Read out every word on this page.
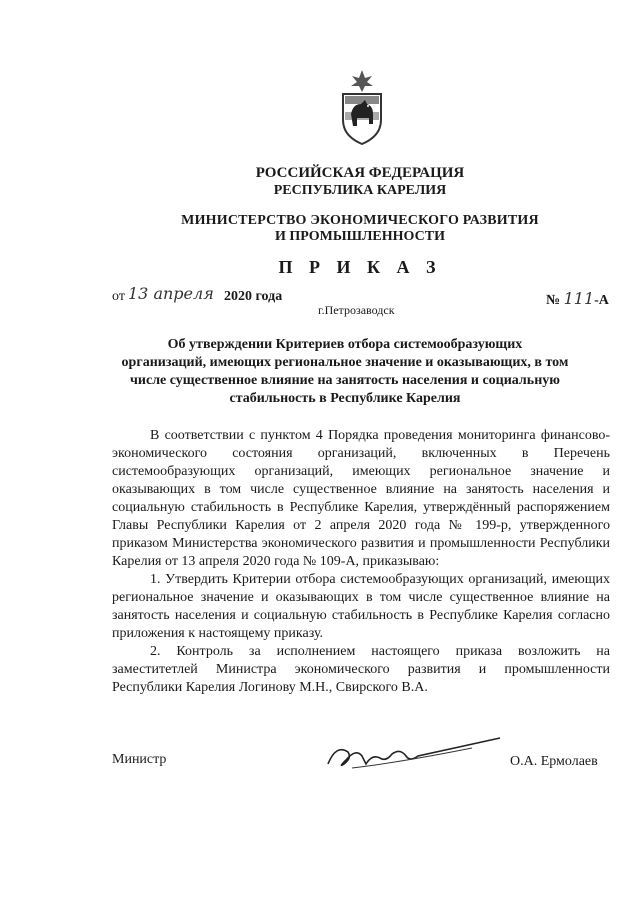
РОССИЙСКАЯ ФЕДЕРАЦИЯ
РЕСПУБЛИКА КАРЕЛИЯ
МИНИСТЕРСТВО ЭКОНОМИЧЕСКОГО РАЗВИТИЯ
И ПРОМЫШЛЕННОСТИ
П Р И К А З
от 13 апреля 2020 года	№ 111-А
г.Петрозаводск
Об утверждении Критериев отбора системообразующих
организаций, имеющих региональное значение и оказывающих, в том
числе существенное влияние на занятость населения и социальную
стабильность в Республике Карелия

В соответствии с пунктом 4 Порядка проведения мониторинга финансово-экономического состояния организаций, включенных в Перечень системообразующих организаций, имеющих региональное значение и оказывающих в том числе существенное влияние на занятость населения и социальную стабильность в Республике Карелия, утверждённый распоряжением Главы Республики Карелия от 2 апреля 2020 года № 199-р, утвержденного приказом Министерства экономического развития и промышленности Республики Карелия от 13 апреля 2020 года № 109-А, приказываю:

1. Утвердить Критерии отбора системообразующих организаций, имеющих региональное значение и оказывающих в том числе существенное влияние на занятость населения и социальную стабильность в Республике Карелия согласно приложения к настоящему приказу.

2. Контроль за исполнением настоящего приказа возложить на заместитетлей Министра экономического развития и промышленности Республики Карелия Логинову М.Н., Свирского В.А.

Министр	О.А. Ермолаев
